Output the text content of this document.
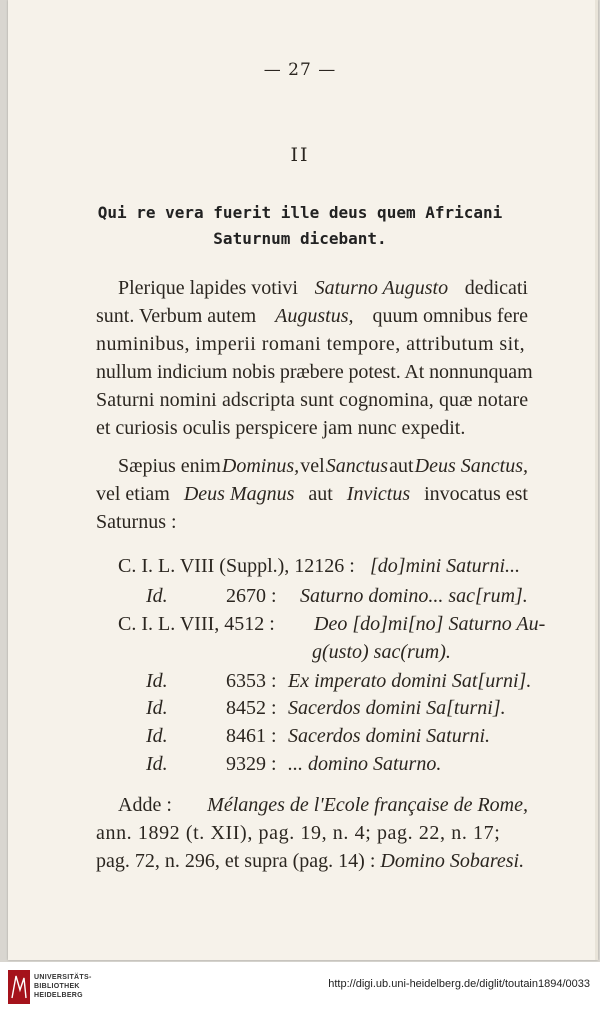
— 27 —
II
Qui re vera fuerit ille deus quem Africani
Saturnum dicebant.
Plerique lapides votivi Saturno Augusto dedicati
sunt. Verbum autem Augustus, quum omnibus fere
numinibus, imperii romani tempore, attributum sit,
nullum indicium nobis præbere potest. At nonnunquam
Saturni nomini adscripta sunt cognomina, quæ notare
et curiosis oculis perspicere jam nunc expedit.
Sæpius enim Dominus, vel Sanctus aut Deus Sanctus,
vel etiam Deus Magnus aut Invictus invocatus est
Saturnus :
C. I. L. VIII (Suppl.), 12126 : [do]mini Saturni...
Id.	2670 : Saturno domino... sac[rum].
C. I. L. VIII, 4512 : Deo [do]mi[no] Saturno Au-
g(usto) sac(rum).
Id.	6353 : Ex imperato domini Sat[urni].
Id.	8452 : Sacerdos domini Sa[turni].
Id.	8461 : Sacerdos domini Saturni.
Id.	9329 : ... domino Saturno.
Adde : Mélanges de l'Ecole française de Rome,
ann. 1892 (t. XII), pag. 19, n. 4; pag. 22, n. 17;
pag. 72, n. 296, et supra (pag. 14) : Domino Sobaresi.
UNIVERSITÄTS-
BIBLIOTHEK
HEIDELBERG
http://digi.ub.uni-heidelberg.de/diglit/toutain1894/0033
